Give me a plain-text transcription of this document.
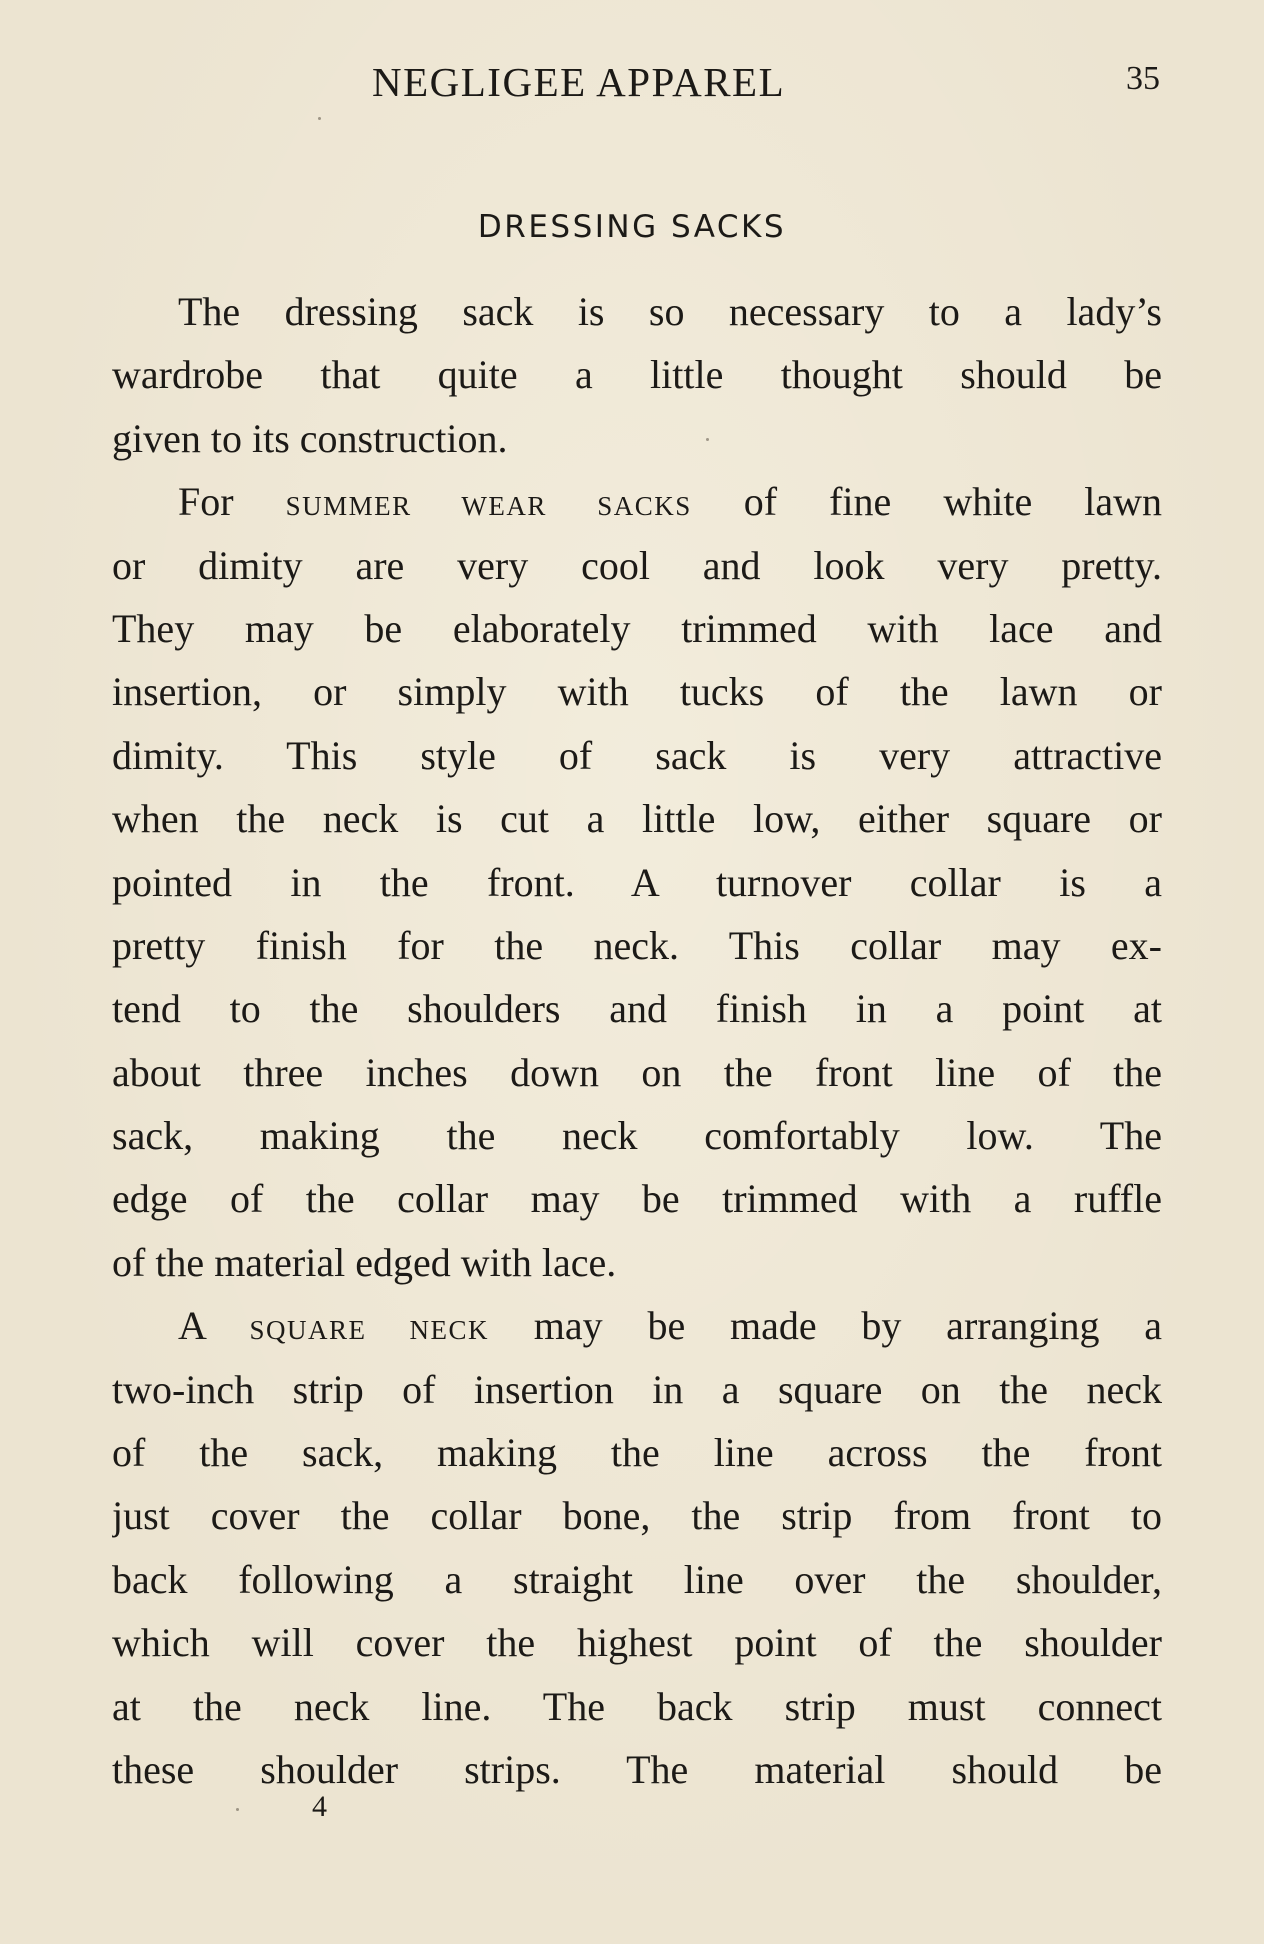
NEGLIGEE APPAREL	35
DRESSING SACKS
The dressing sack is so necessary to a lady’s
wardrobe that quite a little thought should be
given to its construction.
For SUMMER WEAR SACKS of fine white lawn
or dimity are very cool and look very pretty.
They may be elaborately trimmed with lace and
insertion, or simply with tucks of the lawn or
dimity. This style of sack is very attractive
when the neck is cut a little low, either square or
pointed in the front. A turnover collar is a
pretty finish for the neck. This collar may ex-
tend to the shoulders and finish in a point at
about three inches down on the front line of the
sack, making the neck comfortably low. The
edge of the collar may be trimmed with a ruffle
of the material edged with lace.
A SQUARE NECK may be made by arranging a
two-inch strip of insertion in a square on the neck
of the sack, making the line across the front
just cover the collar bone, the strip from front to
back following a straight line over the shoulder,
which will cover the highest point of the shoulder
at the neck line. The back strip must connect
these shoulder strips. The material should be
4
